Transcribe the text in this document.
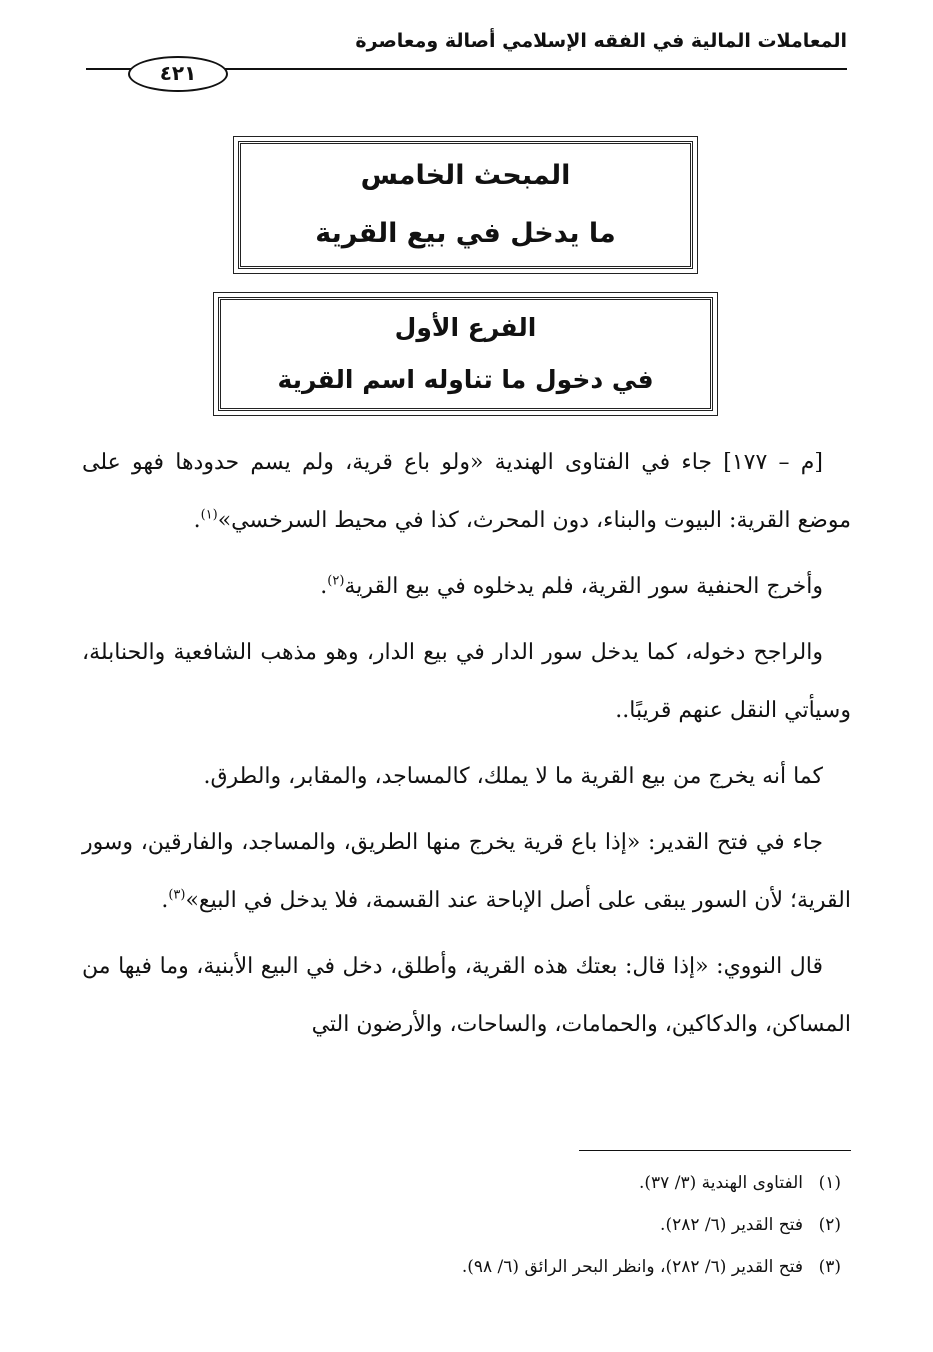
المعاملات المالية في الفقه الإسلامي أصالة ومعاصرة
٤٢١
المبحث الخامس
ما يدخل في بيع القرية
الفرع الأول
في دخول ما تناوله اسم القرية

[م – ١٧٧] جاء في الفتاوى الهندية «ولو باع قرية، ولم يسم حدودها فهو على موضع القرية: البيوت والبناء، دون المحرث، كذا في محيط السرخسي»$^{(١)}$.

وأخرج الحنفية سور القرية، فلم يدخلوه في بيع القرية$^{(٢)}$.

والراجح دخوله، كما يدخل سور الدار في بيع الدار، وهو مذهب الشافعية والحنابلة، وسيأتي النقل عنهم قريبًا..

كما أنه يخرج من بيع القرية ما لا يملك، كالمساجد، والمقابر، والطرق.

جاء في فتح القدير: «إذا باع قرية يخرج منها الطريق، والمساجد، والفارقين، وسور القرية؛ لأن السور يبقى على أصل الإباحة عند القسمة، فلا يدخل في البيع»$^{(٣)}$.

قال النووي: «إذا قال: بعتك هذه القرية، وأطلق، دخل في البيع الأبنية، وما فيها من المساكن، والدكاكين، والحمامات، والساحات، والأرضون التي

(١)الفتاوى الهندية (٣/ ٣٧).

(٢)فتح القدير (٦/ ٢٨٢).

(٣)فتح القدير (٦/ ٢٨٢)، وانظر البحر الرائق (٦/ ٩٨).
